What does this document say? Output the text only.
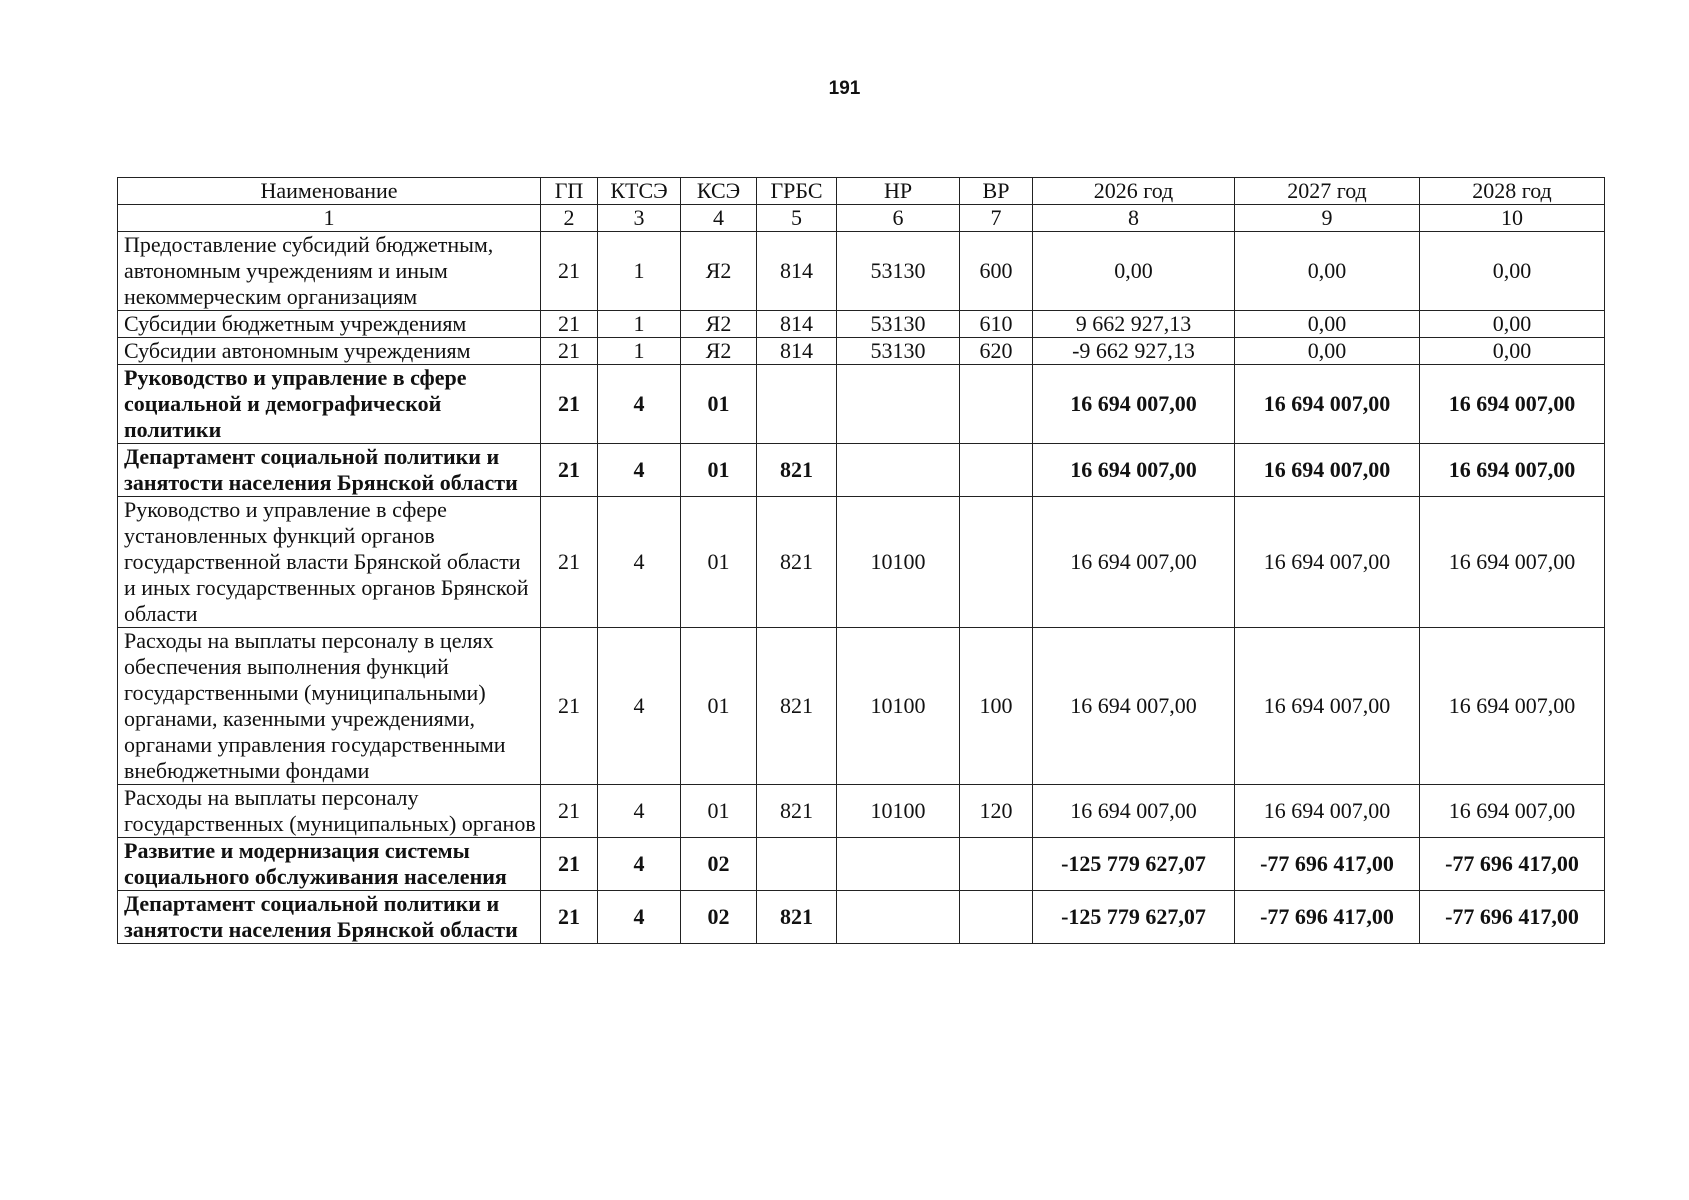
191
Наименование	ГП	КТСЭ	КСЭ	ГРБС	НР	ВР	2026 год	2027 год	2028 год
1	2	3	4	5	6	7	8	9	10
Предоставление субсидий бюджетным, автономным учреждениям и иным некоммерческим организациям	21	1	Я2	814	53130	600	0,00	0,00	0,00
Субсидии бюджетным учреждениям	21	1	Я2	814	53130	610	9 662 927,13	0,00	0,00
Субсидии автономным учреждениям	21	1	Я2	814	53130	620	-9 662 927,13	0,00	0,00
Руководство и управление в сфере социальной и демографической политики	21	4	01				16 694 007,00	16 694 007,00	16 694 007,00
Департамент социальной политики и занятости населения Брянской области	21	4	01	821			16 694 007,00	16 694 007,00	16 694 007,00
Руководство и управление в сфере установленных функций органов государственной власти Брянской области и иных государственных органов Брянской области	21	4	01	821	10100		16 694 007,00	16 694 007,00	16 694 007,00
Расходы на выплаты персоналу в целях обеспечения выполнения функций государственными (муниципальными) органами, казенными учреждениями, органами управления государственными внебюджетными фондами	21	4	01	821	10100	100	16 694 007,00	16 694 007,00	16 694 007,00
Расходы на выплаты персоналу государственных (муниципальных) органов	21	4	01	821	10100	120	16 694 007,00	16 694 007,00	16 694 007,00
Развитие и модернизация системы социального обслуживания населения	21	4	02				-125 779 627,07	-77 696 417,00	-77 696 417,00
Департамент социальной политики и занятости населения Брянской области	21	4	02	821			-125 779 627,07	-77 696 417,00	-77 696 417,00
